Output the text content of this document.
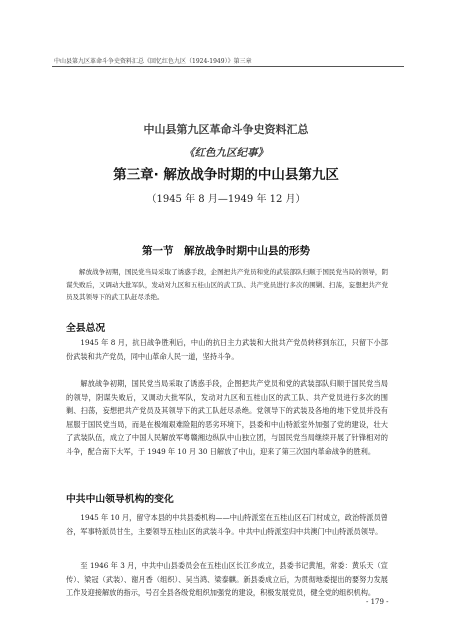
中山县第九区革命斗争史资料汇总《回忆红色九区（1924-1949）》第三章
中山县第九区革命斗争史资料汇总
《红色九区纪事》
第三章· 解放战争时期的中山县第九区
（1945 年 8 月—1949 年 12 月）
第一节　解放战争时期中山县的形势

解放战争初期，国民党当局采取了诱惑手段，企图把共产党员和党的武装部队归顺于国民党当局的领导，阴谋失败后，又调动大批军队，发动对九区和五桂山区的武工队、共产党员进行多次的围剿、扫荡，妄想把共产党员及其领导下的武工队赶尽杀绝。

全县总况

1945 年 8 月，抗日战争胜利后，中山的抗日主力武装和大批共产党员转移到东江，只留下小部份武装和共产党员，同中山革命人民一道，坚持斗争。

解放战争初期，国民党当局采取了诱惑手段，企图把共产党员和党的武装部队归顺于国民党当局的领导，阴谋失败后，又调动大批军队，发动对九区和五桂山区的武工队、共产党员进行多次的围剿、扫荡，妄想把共产党员及其领导下的武工队赶尽杀绝。党领导下的武装及各地的地下党员并没有屈服于国民党当局，而是在极端艰难险阻的恶劣环境下，县委和中山特派室外加强了党的建设，壮大了武装队伍，成立了中国人民解放军粤赣湘边纵队中山独立团，与国民党当局继续开展了针锋相对的斗争，配合南下大军，于 1949 年 10 月 30 日解放了中山，迎来了第三次国内革命战争的胜利。

中共中山领导机构的变化

1945 年 10 月，留守本县的中共县委机构——中山特派室在五桂山区石门村成立，政治特派员曾谷，军事特派员甘生，主要领导五桂山区的武装斗争。中共中山特派室归中共澳门中山特派员领导。

至 1946 年 3 月，中共中山县委员会在五桂山区长江乡成立，县委书记黄旭，常委：黄乐天（宣传）、梁冠（武装）、谢月香（组织）、吴当鸿、梁泰麒。新县委成立后，为贯彻地委提出的要努力发展工作及迎接解放的指示，号召全县各级党组织加强党的建设，积极发展党员，健全党的组织机构。

- 179 -
